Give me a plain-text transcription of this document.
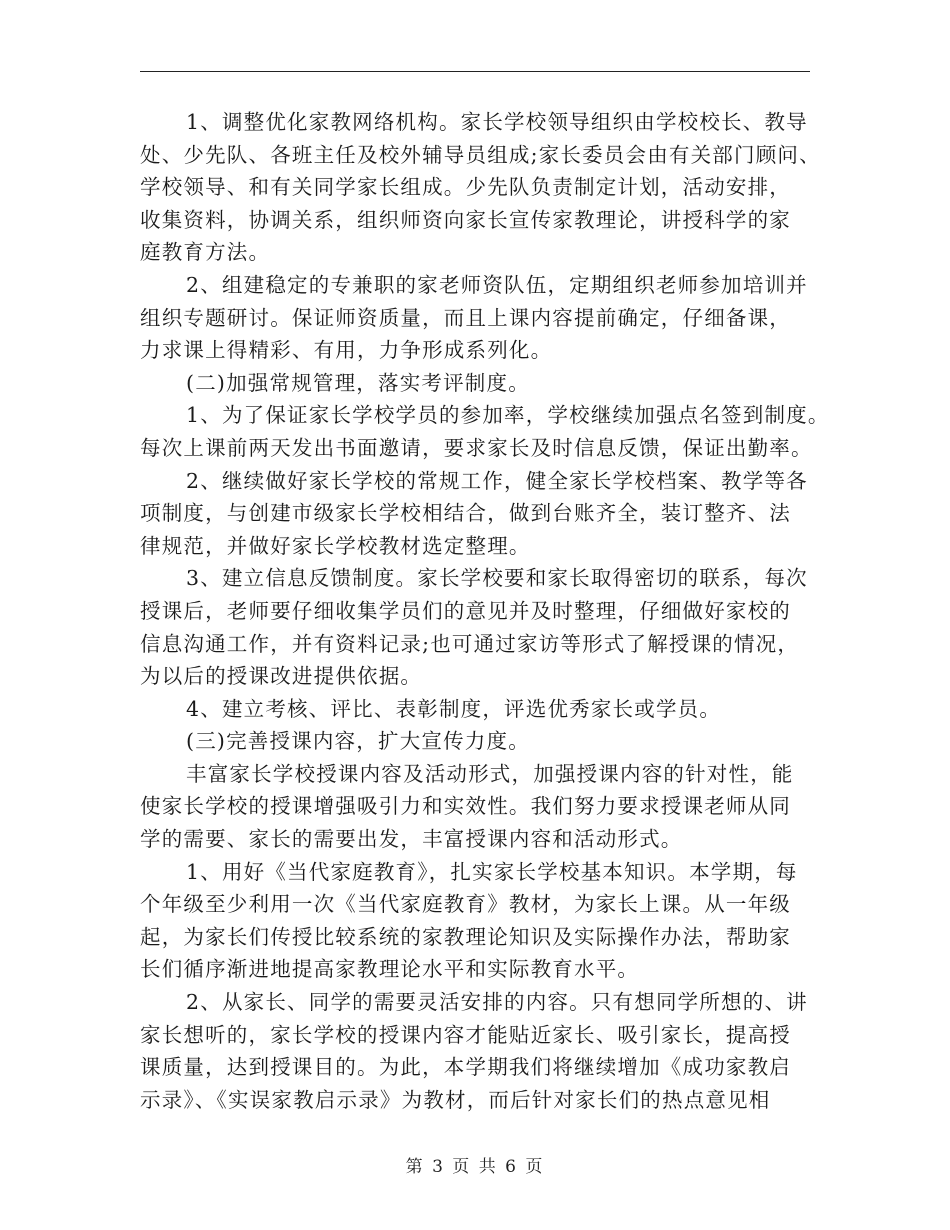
1、调整优化家教网络机构。家长学校领导组织由学校校长、教导
处、少先队、各班主任及校外辅导员组成;家长委员会由有关部门顾问、
学校领导、和有关同学家长组成。少先队负责制定计划，活动安排，
收集资料，协调关系，组织师资向家长宣传家教理论，讲授科学的家
庭教育方法。
2、组建稳定的专兼职的家老师资队伍，定期组织老师参加培训并
组织专题研讨。保证师资质量，而且上课内容提前确定，仔细备课，
力求课上得精彩、有用，力争形成系列化。
(二)加强常规管理，落实考评制度。
1、为了保证家长学校学员的参加率，学校继续加强点名签到制度。
每次上课前两天发出书面邀请，要求家长及时信息反馈，保证出勤率。
2、继续做好家长学校的常规工作，健全家长学校档案、教学等各
项制度，与创建市级家长学校相结合，做到台账齐全，装订整齐、法
律规范，并做好家长学校教材选定整理。
3、建立信息反馈制度。家长学校要和家长取得密切的联系，每次
授课后，老师要仔细收集学员们的意见并及时整理，仔细做好家校的
信息沟通工作，并有资料记录;也可通过家访等形式了解授课的情况，
为以后的授课改进提供依据。
4、建立考核、评比、表彰制度，评选优秀家长或学员。
(三)完善授课内容，扩大宣传力度。
丰富家长学校授课内容及活动形式，加强授课内容的针对性，能
使家长学校的授课增强吸引力和实效性。我们努力要求授课老师从同
学的需要、家长的需要出发，丰富授课内容和活动形式。
1、用好《当代家庭教育》，扎实家长学校基本知识。本学期，每
个年级至少利用一次《当代家庭教育》教材，为家长上课。从一年级
起，为家长们传授比较系统的家教理论知识及实际操作办法，帮助家
长们循序渐进地提高家教理论水平和实际教育水平。
2、从家长、同学的需要灵活安排的内容。只有想同学所想的、讲
家长想听的，家长学校的授课内容才能贴近家长、吸引家长，提高授
课质量，达到授课目的。为此，本学期我们将继续增加《成功家教启
示录》、《实误家教启示录》为教材，而后针对家长们的热点意见相
第 3 页 共 6 页
